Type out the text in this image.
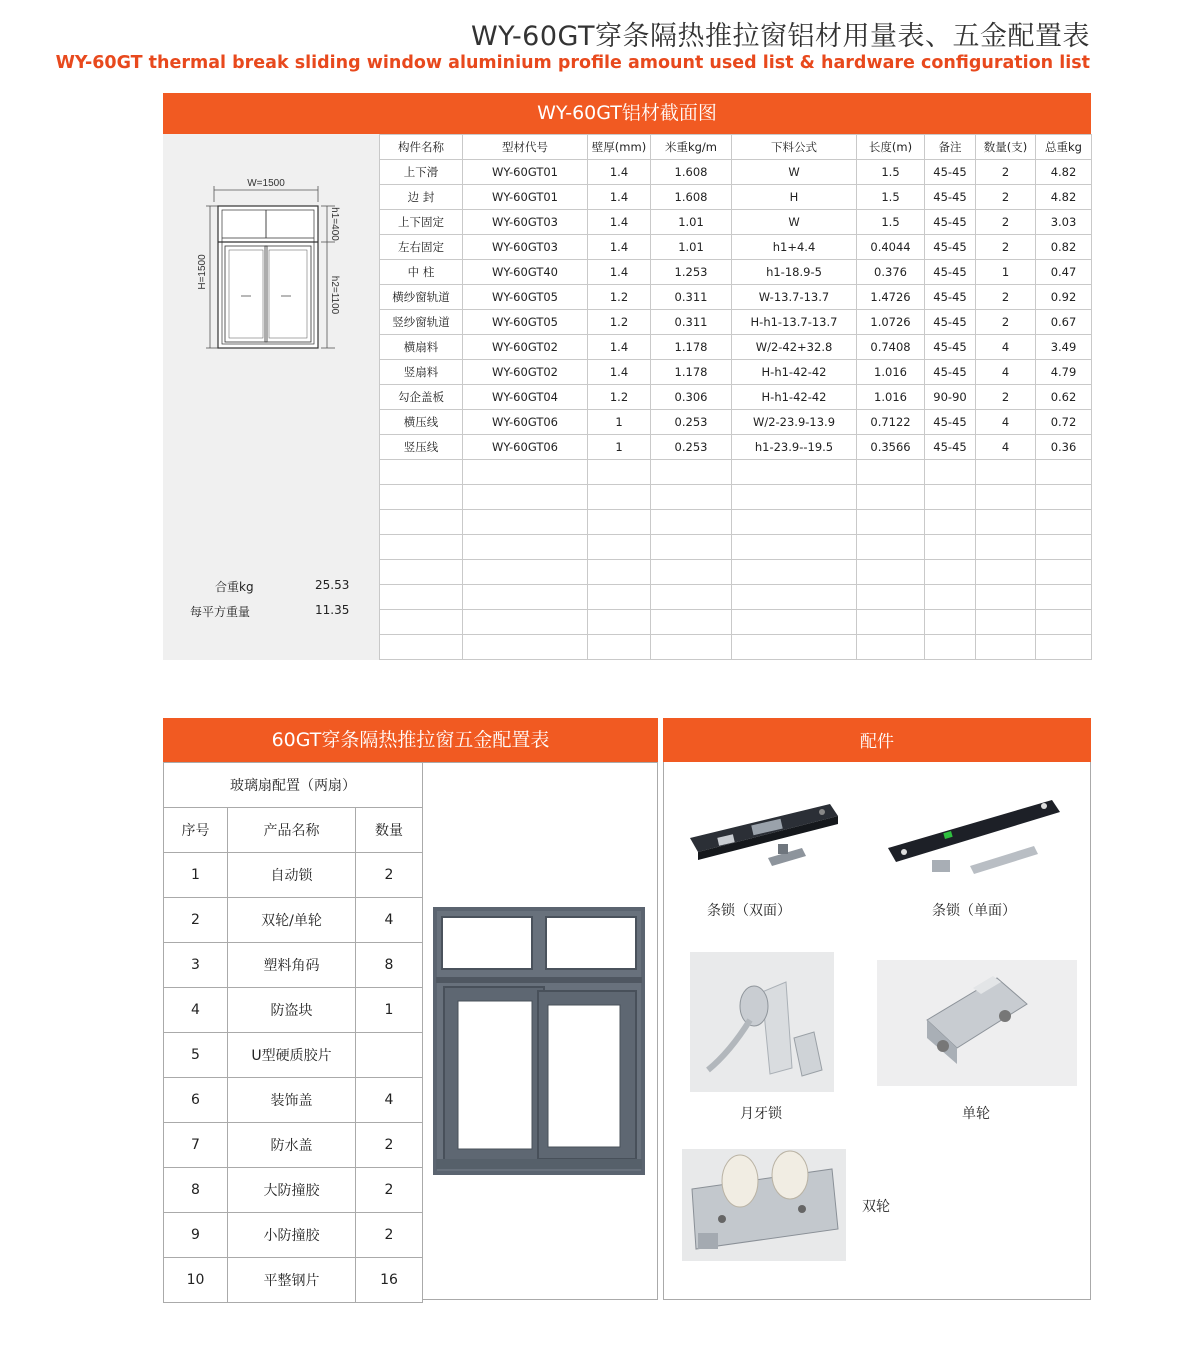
WY-60GT穿条隔热推拉窗铝材用量表、五金配置表
WY-60GT thermal break sliding window aluminium profile amount used list & hardware configuration list
WY-60GT铝材截面图
W=1500
H=1500
h1=400
h2=1100
合重kg	25.53
每平方重量	11.35
构件名称	型材代号	壁厚(mm)	米重kg/m	下料公式	长度(m)	备注	数量(支)	总重kg
上下滑	WY-60GT01	1.4	1.608	W	1.5	45-45	2	4.82
边 封	WY-60GT01	1.4	1.608	H	1.5	45-45	2	4.82
上下固定	WY-60GT03	1.4	1.01	W	1.5	45-45	2	3.03
左右固定	WY-60GT03	1.4	1.01	h1+4.4	0.4044	45-45	2	0.82
中 柱	WY-60GT40	1.4	1.253	h1-18.9-5	0.376	45-45	1	0.47
横纱窗轨道	WY-60GT05	1.2	0.311	W-13.7-13.7	1.4726	45-45	2	0.92
竖纱窗轨道	WY-60GT05	1.2	0.311	H-h1-13.7-13.7	1.0726	45-45	2	0.67
横扇料	WY-60GT02	1.4	1.178	W/2-42+32.8	0.7408	45-45	4	3.49
竖扇料	WY-60GT02	1.4	1.178	H-h1-42-42	1.016	45-45	4	4.79
勾企盖板	WY-60GT04	1.2	0.306	H-h1-42-42	1.016	90-90	2	0.62
横压线	WY-60GT06	1	0.253	W/2-23.9-13.9	0.7122	45-45	4	0.72
竖压线	WY-60GT06	1	0.253	h1-23.9--19.5	0.3566	45-45	4	0.36

60GT穿条隔热推拉窗五金配置表
玻璃扇配置（两扇）		
序号	产品名称	数量
1	自动锁	2
2	双轮/单轮	4
3	塑料角码	8
4	防盗块	1
5	U型硬质胶片	
6	装饰盖	4
7	防水盖	2
8	大防撞胶	2
9	小防撞胶	2
10	平整钢片	16
配件
条锁（双面）	条锁（单面）
月牙锁	单轮
双轮
